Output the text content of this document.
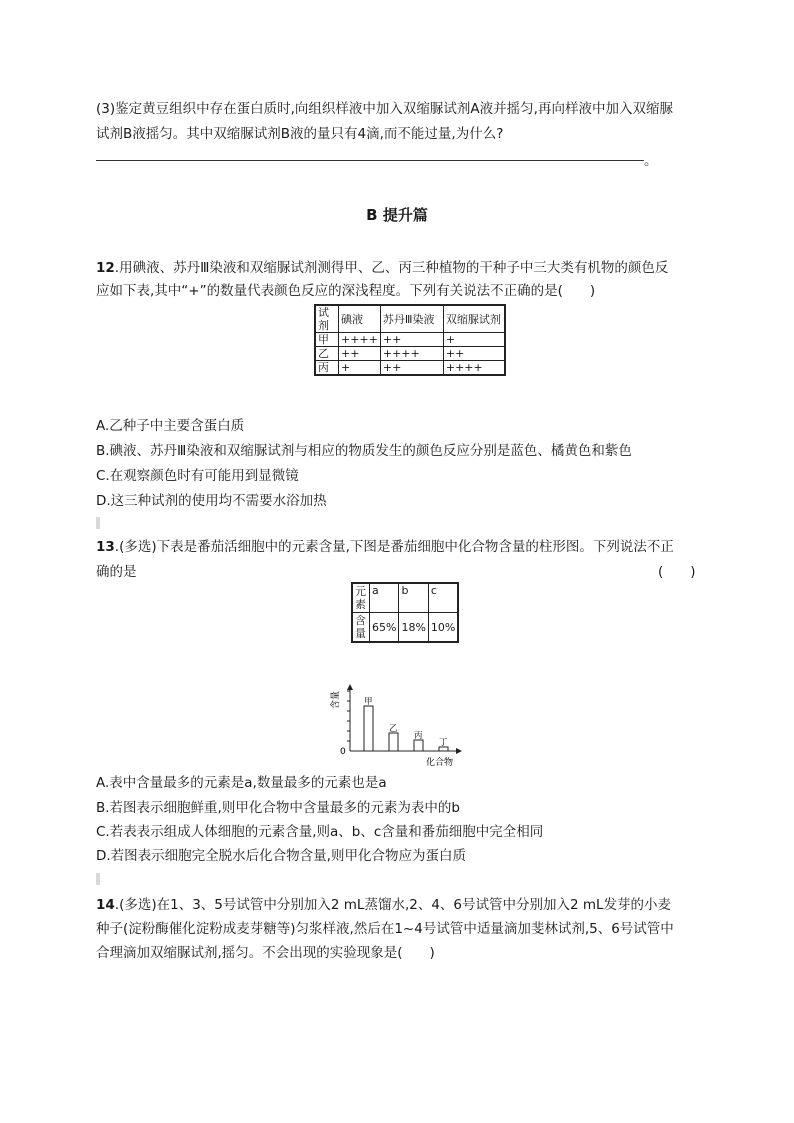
(3)鉴定黄豆组织中存在蛋白质时,向组织样液中加入双缩脲试剂A液并摇匀,再向样液中加入双缩脲
试剂B液摇匀。其中双缩脲试剂B液的量只有4滴,而不能过量,为什么?
。
B 提升篇
12.用碘液、苏丹Ⅲ染液和双缩脲试剂测得甲、乙、丙三种植物的干种子中三大类有机物的颜色反
应如下表,其中“+”的数量代表颜色反应的深浅程度。下列有关说法不正确的是(　　)
试剂	碘液	苏丹Ⅲ染液	双缩脲试剂
甲	++++	++	+
乙	++	++++	++
丙	+	++	++++
A.乙种子中主要含蛋白质
B.碘液、苏丹Ⅲ染液和双缩脲试剂与相应的物质发生的颜色反应分别是蓝色、橘黄色和紫色
C.在观察颜色时有可能用到显微镜
D.这三种试剂的使用均不需要水浴加热
13.(多选)下表是番茄活细胞中的元素含量,下图是番茄细胞中化合物含量的柱形图。下列说法不正
确的是	(　　)
元素	a	b	c
含量	65%	18%	10%
含量
0
化合物
甲
乙
丙
丁
A.表中含量最多的元素是a,数量最多的元素也是a
B.若图表示细胞鲜重,则甲化合物中含量最多的元素为表中的b
C.若表表示组成人体细胞的元素含量,则a、b、c含量和番茄细胞中完全相同
D.若图表示细胞完全脱水后化合物含量,则甲化合物应为蛋白质
14.(多选)在1、3、5号试管中分别加入2 mL蒸馏水,2、4、6号试管中分别加入2 mL发芽的小麦
种子(淀粉酶催化淀粉成麦芽糖等)匀浆样液,然后在1~4号试管中适量滴加斐林试剂,5、6号试管中
合理滴加双缩脲试剂,摇匀。不会出现的实验现象是(　　)
